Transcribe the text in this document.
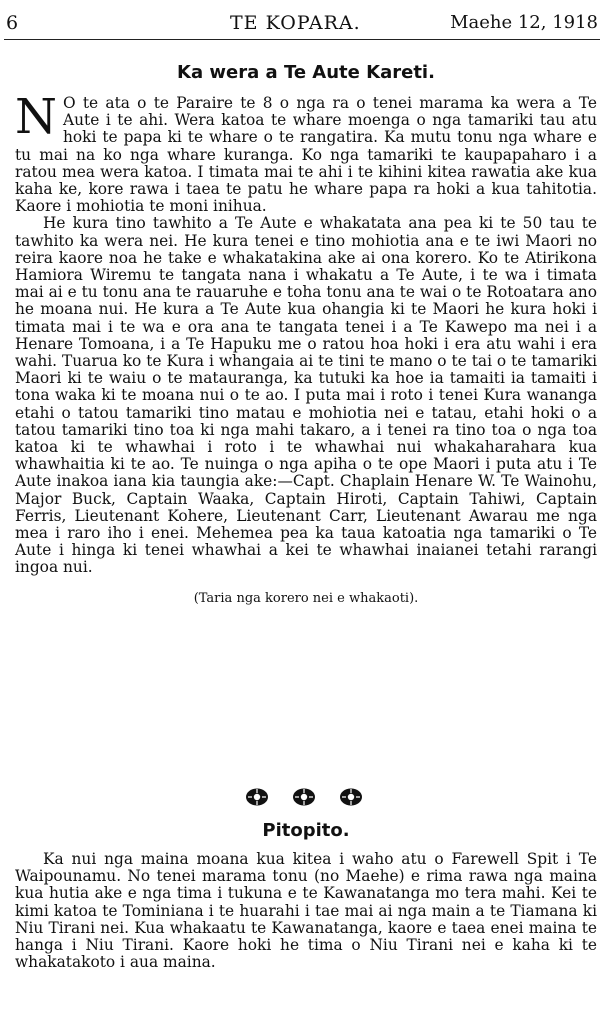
6	TE KOPARA.	Maehe 12, 1918
Ka wera a Te Aute Kareti.

N O te ata o te Paraire te 8 o nga ra o tenei marama ka wera a Te Aute i te ahi. Wera katoa te whare moenga o nga tamariki tau atu hoki te papa ki te whare o te rangatira. Ka mutu tonu nga whare e tu mai na ko nga whare kuranga. Ko nga tamariki te kaupapaharo i a ratou mea wera katoa. I timata mai te ahi i te kihini kitea rawatia ake kua kaha ke, kore rawa i taea te patu he whare papa ra hoki a kua tahitotia. Kaore i mohiotia te moni inihua.

He kura tino tawhito a Te Aute e whakatata ana pea ki te 50 tau te tawhito ka wera nei. He kura tenei e tino mohiotia ana e te iwi Maori no reira kaore noa he take e whakatakina ake ai ona korero. Ko te Atirikona Hamiora Wiremu te tangata nana i whakatu a Te Aute, i te wa i timata mai ai e tu tonu ana te rauaruhe e toha tonu ana te wai o te Rotoatara ano he moana nui. He kura a Te Aute kua ohangia ki te Maori he kura hoki i timata mai i te wa e ora ana te tangata tenei i a Te Kawepo ma nei i a Henare Tomoana, i a Te Hapuku me o ratou hoa hoki i era atu wahi i era wahi. Tuarua ko te Kura i whangaia ai te tini te mano o te tai o te tamariki Maori ki te waiu o te matauranga, ka tutuki ka hoe ia tamaiti ia tamaiti i tona waka ki te moana nui o te ao. I puta mai i roto i tenei Kura wananga etahi o tatou tamariki tino matau e mohiotia nei e tatau, etahi hoki o a tatou tamariki tino toa ki nga mahi takaro, a i tenei ra tino toa o nga toa katoa ki te whawhai i roto i te whawhai nui whakaharahara kua whawhaitia ki te ao. Te nuinga o nga apiha o te ope Maori i puta atu i Te Aute inakoa iana kia taungia ake:—Capt. Chaplain Henare W. Te Wainohu, Major Buck, Captain Waaka, Captain Hiroti, Captain Tahiwi, Captain Ferris, Lieutenant Kohere, Lieutenant Carr, Lieutenant Awarau me nga mea i raro iho i enei. Mehemea pea ka taua katoatia nga tamariki o Te Aute i hinga ki tenei whawhai a kei te whawhai inaianei tetahi rarangi ingoa nui.

(Taria nga korero nei e whakaoti).

Pitopito.

Ka nui nga maina moana kua kitea i waho atu o Farewell Spit i Te Waipounamu. No tenei marama tonu (no Maehe) e rima rawa nga maina kua hutia ake e nga tima i tukuna e te Kawanatanga mo tera mahi. Kei te kimi katoa te Tominiana i te huarahi i tae mai ai nga main a te Tiamana ki Niu Tirani nei. Kua whakaatu te Kawanatanga, kaore e taea enei maina te hanga i Niu Tirani. Kaore hoki he tima o Niu Tirani nei e kaha ki te whakatakoto i aua maina.
